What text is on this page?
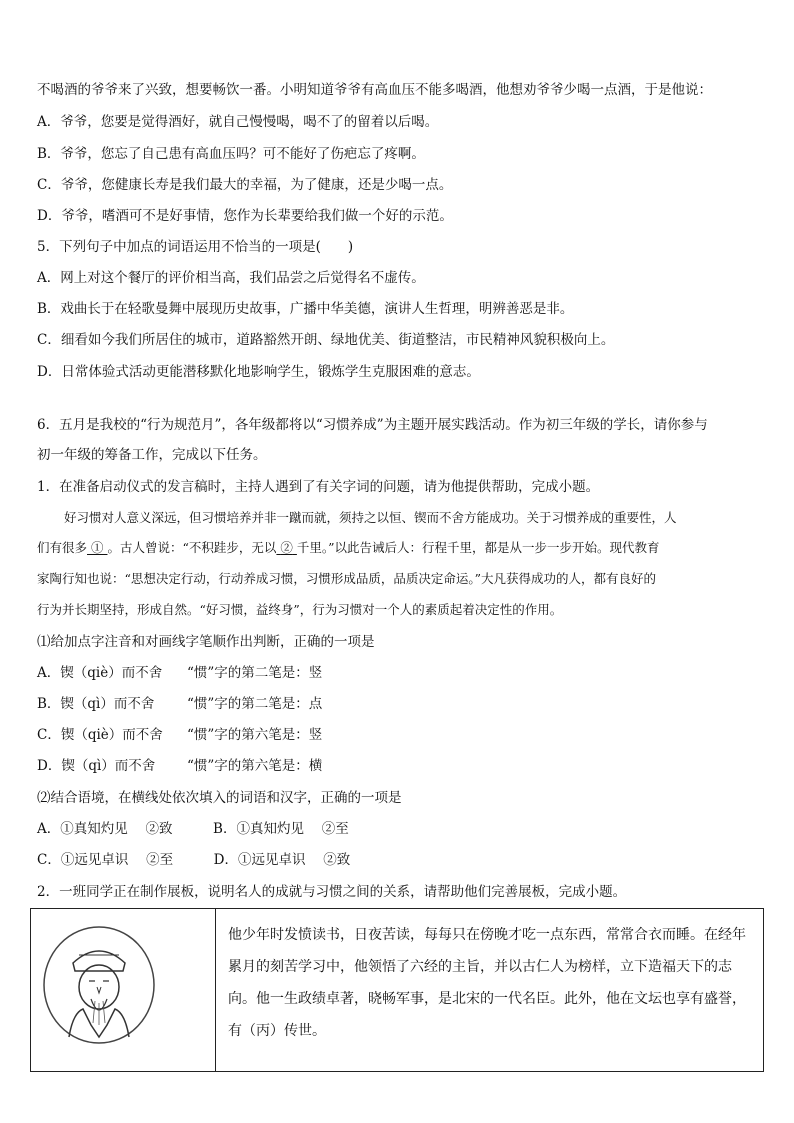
不喝酒的爷爷来了兴致，想要畅饮一番。小明知道爷爷有高血压不能多喝酒，他想劝爷爷少喝一点酒，于是他说：
A．爷爷，您要是觉得酒好，就自己慢慢喝，喝不了的留着以后喝。
B．爷爷，您忘了自己患有高血压吗？可不能好了伤疤忘了疼啊。
C．爷爷，您健康长寿是我们最大的幸福，为了健康，还是少喝一点。
D．爷爷，嗜酒可不是好事情，您作为长辈要给我们做一个好的示范。
5．下列句子中加点的词语运用不恰当的一项是(　　)
A．网上对这个餐厅的评价相当高，我们品尝之后觉得名不虚传。
B．戏曲长于在轻歌曼舞中展现历史故事，广播中华美德，演讲人生哲理，明辨善恶是非。
C．细看如今我们所居住的城市，道路豁然开朗、绿地优美、街道整洁，市民精神风貌积极向上。
D．日常体验式活动更能潜移默化地影响学生，锻炼学生克服困难的意志。
6．五月是我校的“行为规范月”，各年级都将以“习惯养成”为主题开展实践活动。作为初三年级的学长，请你参与
初一年级的筹备工作，完成以下任务。
1．在准备启动仪式的发言稿时，主持人遇到了有关字词的问题，请为他提供帮助，完成小题。
好习惯对人意义深远，但习惯培养并非一蹴而就，须持之以恒、锲而不舍方能成功。关于习惯养成的重要性，人
们有很多 ① 。古人曾说：“不积跬步，无以 ② 千里。”以此告诫后人：行程千里，都是从一步一步开始。现代教育
家陶行知也说：“思想决定行动，行动养成习惯，习惯形成品质，品质决定命运。”大凡获得成功的人，都有良好的
行为并长期坚持，形成自然。“好习惯，益终身”，行为习惯对一个人的素质起着决定性的作用。
⑴给加点字注音和对画线字笔顺作出判断，正确的一项是
A．锲（qiè）而不舍 “惯”字的第二笔是：竖
B．锲（qì）而不舍 “惯”字的第二笔是：点
C．锲（qiè）而不舍 “惯”字的第六笔是：竖
D．锲（qì）而不舍 “惯”字的第六笔是：横
⑵结合语境，在横线处依次填入的词语和汉字，正确的一项是
A．①真知灼见　 ②致　　　B．①真知灼见　 ②至
C．①远见卓识　 ②至　　　D．①远见卓识　 ②致
2．一班同学正在制作展板，说明名人的成就与习惯之间的关系，请帮助他们完善展板，完成小题。
他少年时发愤读书，日夜苦读，每每只在傍晚才吃一点东西，常常合衣而睡。在经年累月的刻苦学习中，他领悟了六经的主旨，并以古仁人为榜样，立下造福天下的志向。他一生政绩卓著，晓畅军事，是北宋的一代名臣。此外，他在文坛也享有盛誉，有（丙）传世。
